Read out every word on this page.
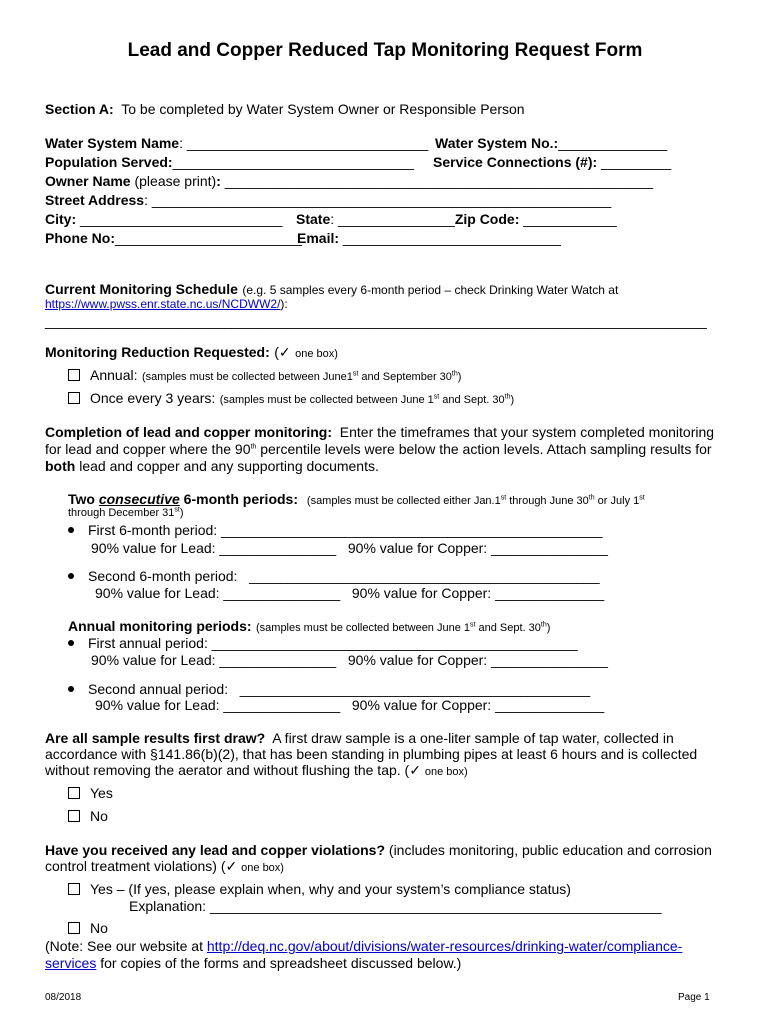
Lead and Copper Reduced Tap Monitoring Request Form
Section A: To be completed by Water System Owner or Responsible Person
Water System Name: _______________________________ Water System No.:______________
Population Served:_______________________________ Service Connections (#): _________
Owner Name (please print): _______________________________________________________
Street Address: ___________________________________________________________
City: __________________________ State: _______________Zip Code: ____________
Phone No:________________________
Email: ____________________________
Current Monitoring Schedule (e.g. 5 samples every 6-month period – check Drinking Water Watch at
https://www.pwss.enr.state.nc.us/NCDWW2/):
_____________________________________________________________________________________
Monitoring Reduction Requested: (✓ one box)
Annual: (samples must be collected between June1st and September 30th)
Once every 3 years: (samples must be collected between June 1st and Sept. 30th)
Completion of lead and copper monitoring: Enter the timeframes that your system completed monitoring
for lead and copper where the 90th percentile levels were below the action levels. Attach sampling results for
both lead and copper and any supporting documents.
Two consecutive 6-month periods: (samples must be collected either Jan.1st through June 30th or July 1st
through December 31st)
First 6-month period: _________________________________________________
90% value for Lead: _______________ 90% value for Copper: _______________
Second 6-month period: _____________________________________________
90% value for Lead: _______________ 90% value for Copper: ______________
Annual monitoring periods: (samples must be collected between June 1st and Sept. 30th)
First annual period: _______________________________________________
90% value for Lead: _______________ 90% value for Copper: _______________
Second annual period: _____________________________________________
90% value for Lead: _______________ 90% value for Copper: ______________
Are all sample results first draw? A first draw sample is a one-liter sample of tap water, collected in
accordance with §141.86(b)(2), that has been standing in plumbing pipes at least 6 hours and is collected
without removing the aerator and without flushing the tap. (✓ one box)
Yes
No
Have you received any lead and copper violations? (includes monitoring, public education and corrosion
control treatment violations) (✓ one box)
Yes – (If yes, please explain when, why and your system’s compliance status)
Explanation: __________________________________________________________
No
(Note: See our website at http://deq.nc.gov/about/divisions/water-resources/drinking-water/compliance-
services for copies of the forms and spreadsheet discussed below.)
08/2018	Page 1
